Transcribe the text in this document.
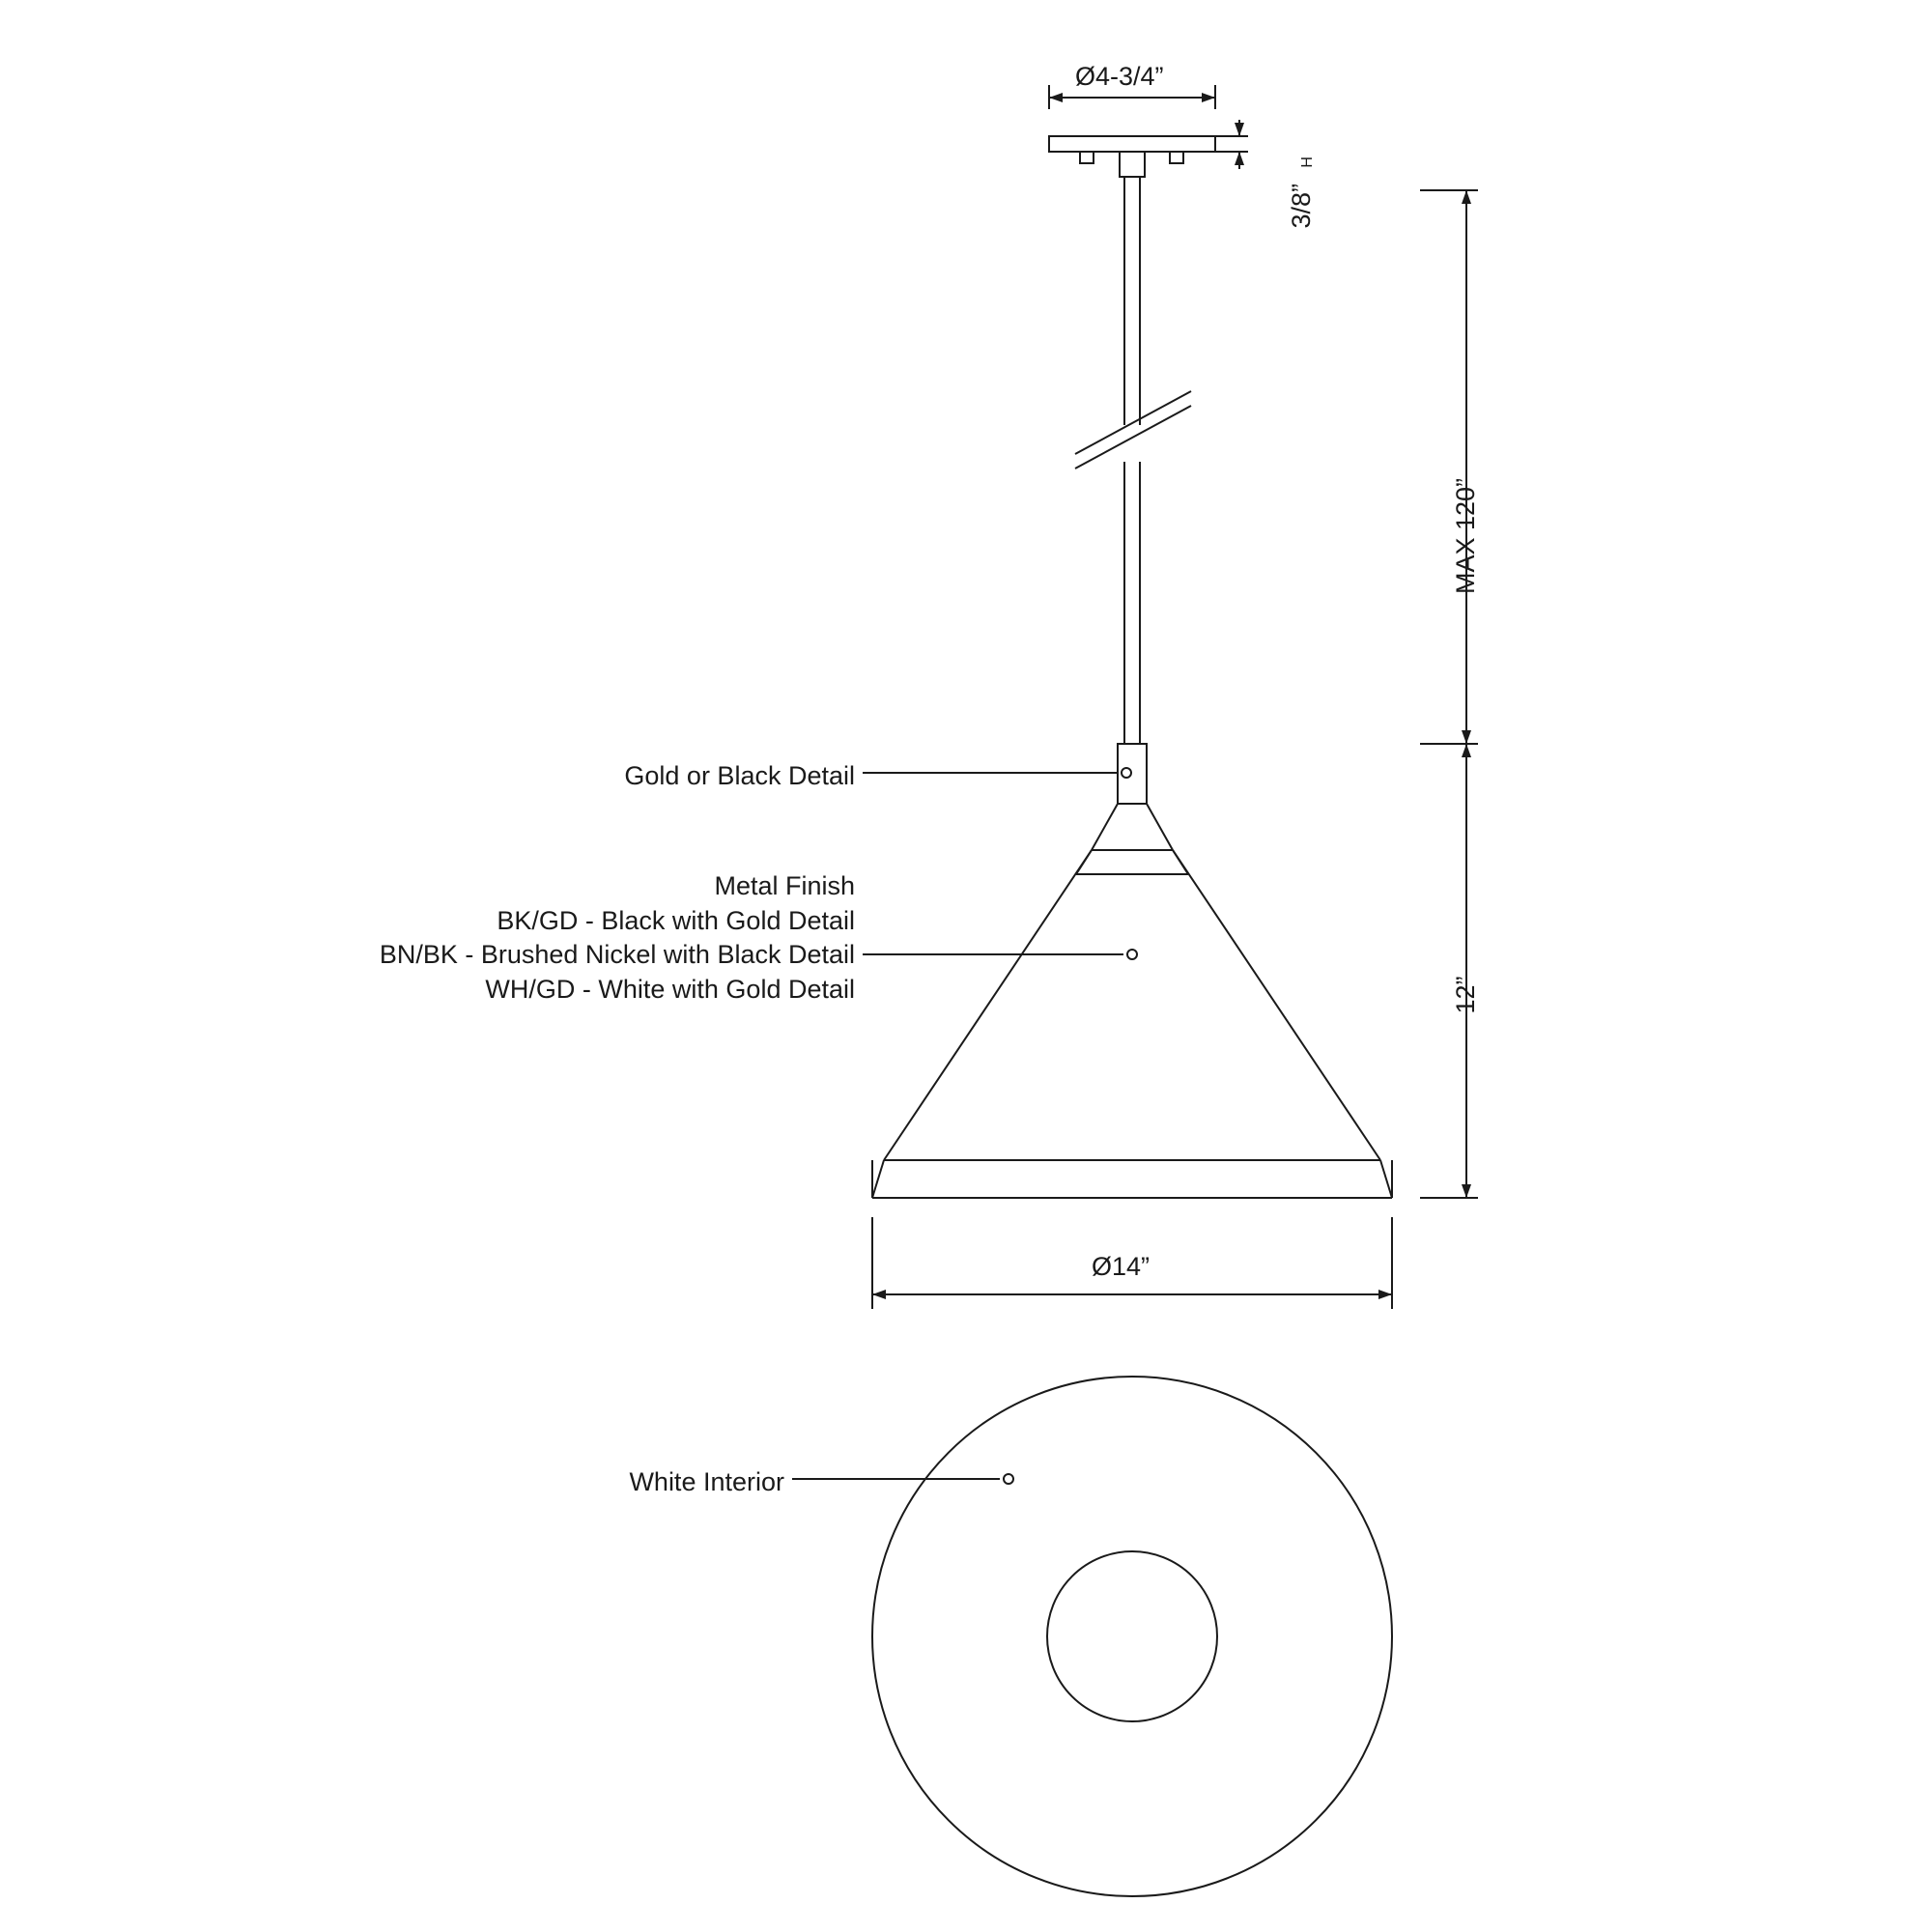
Ø4-3/4”
3/8”
H
MAX 120”
12”
Ø14”
Gold or Black Detail
Metal Finish
BK/GD - Black with Gold Detail
BN/BK - Brushed Nickel with Black Detail
WH/GD - White with Gold Detail
White Interior
